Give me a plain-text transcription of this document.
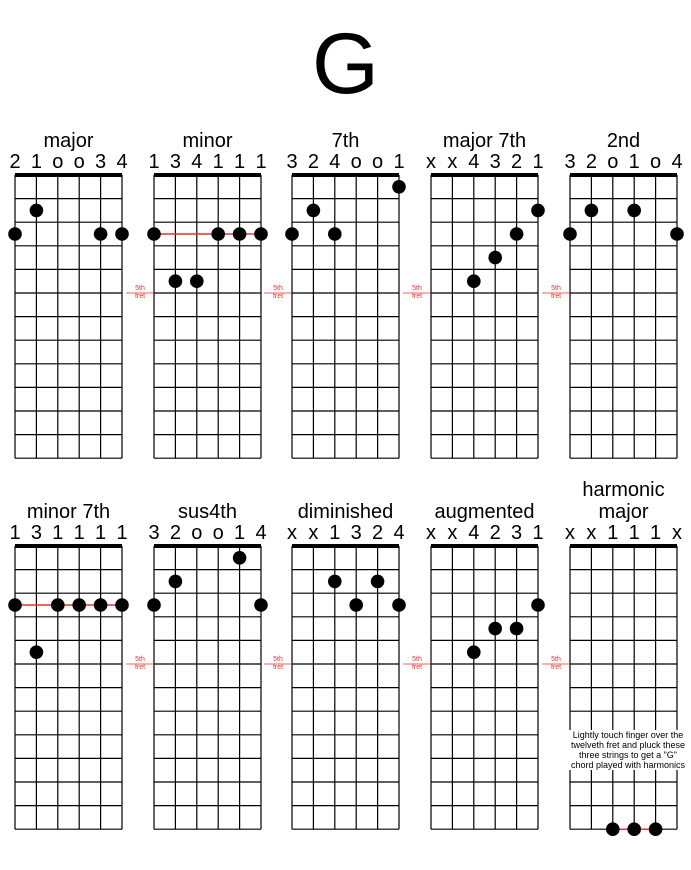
G
major
2 1 o o 3 4
minor
1 3 4 1 1 1
5th
fret
7th
3 2 4 o o 1
5th
fret
major 7th
x x 4 3 2 1
5th
fret
2nd
3 2 o 1 o 4
5th
fret
minor 7th
1 3 1 1 1 1
sus4th
3 2 o o 1 4
5th
fret
diminished
x x 1 3 2 4
5th
fret
augmented
x x 4 2 3 1
5th
fret
harmonic
major
x x 1 1 1 x
5th
fret
Lightly touch finger over the twelveth fret and pluck these three strings to get a "G" chord played with harmonics
